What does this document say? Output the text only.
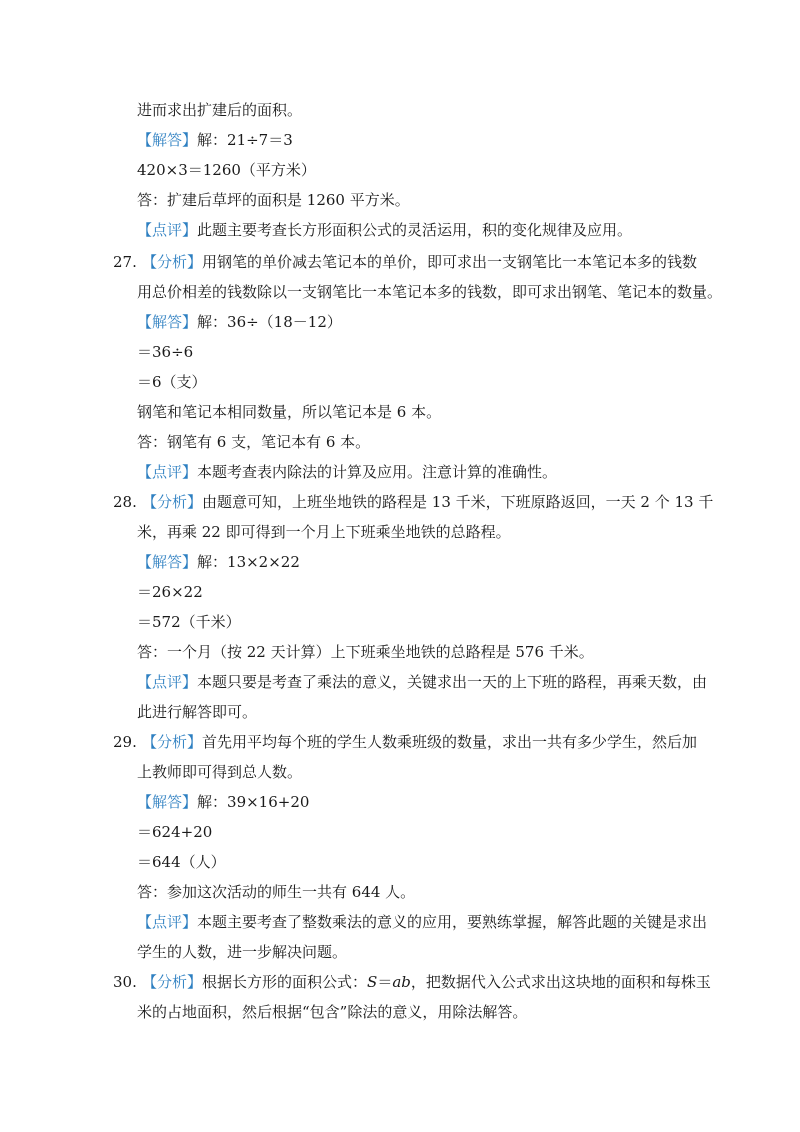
进而求出扩建后的面积。
【解答】解：21÷7＝3
420×3＝1260（平方米）
答：扩建后草坪的面积是 1260 平方米。
【点评】此题主要考查长方形面积公式的灵活运用，积的变化规律及应用。
27. 【分析】用钢笔的单价减去笔记本的单价，即可求出一支钢笔比一本笔记本多的钱数
用总价相差的钱数除以一支钢笔比一本笔记本多的钱数，即可求出钢笔、笔记本的数量。
【解答】解：36÷（18－12）
＝36÷6
＝6（支）
钢笔和笔记本相同数量，所以笔记本是 6 本。
答：钢笔有 6 支，笔记本有 6 本。
【点评】本题考查表内除法的计算及应用。注意计算的准确性。
28. 【分析】由题意可知，上班坐地铁的路程是 13 千米，下班原路返回，一天 2 个 13 千
米，再乘 22 即可得到一个月上下班乘坐地铁的总路程。
【解答】解：13×2×22
＝26×22
＝572（千米）
答：一个月（按 22 天计算）上下班乘坐地铁的总路程是 576 千米。
【点评】本题只要是考查了乘法的意义，关键求出一天的上下班的路程，再乘天数，由
此进行解答即可。
29. 【分析】首先用平均每个班的学生人数乘班级的数量，求出一共有多少学生，然后加
上教师即可得到总人数。
【解答】解：39×16+20
＝624+20
＝644（人）
答：参加这次活动的师生一共有 644 人。
【点评】本题主要考查了整数乘法的意义的应用，要熟练掌握，解答此题的关键是求出
学生的人数，进一步解决问题。
30. 【分析】根据长方形的面积公式：S＝ab，把数据代入公式求出这块地的面积和每株玉
米的占地面积，然后根据“包含”除法的意义，用除法解答。
